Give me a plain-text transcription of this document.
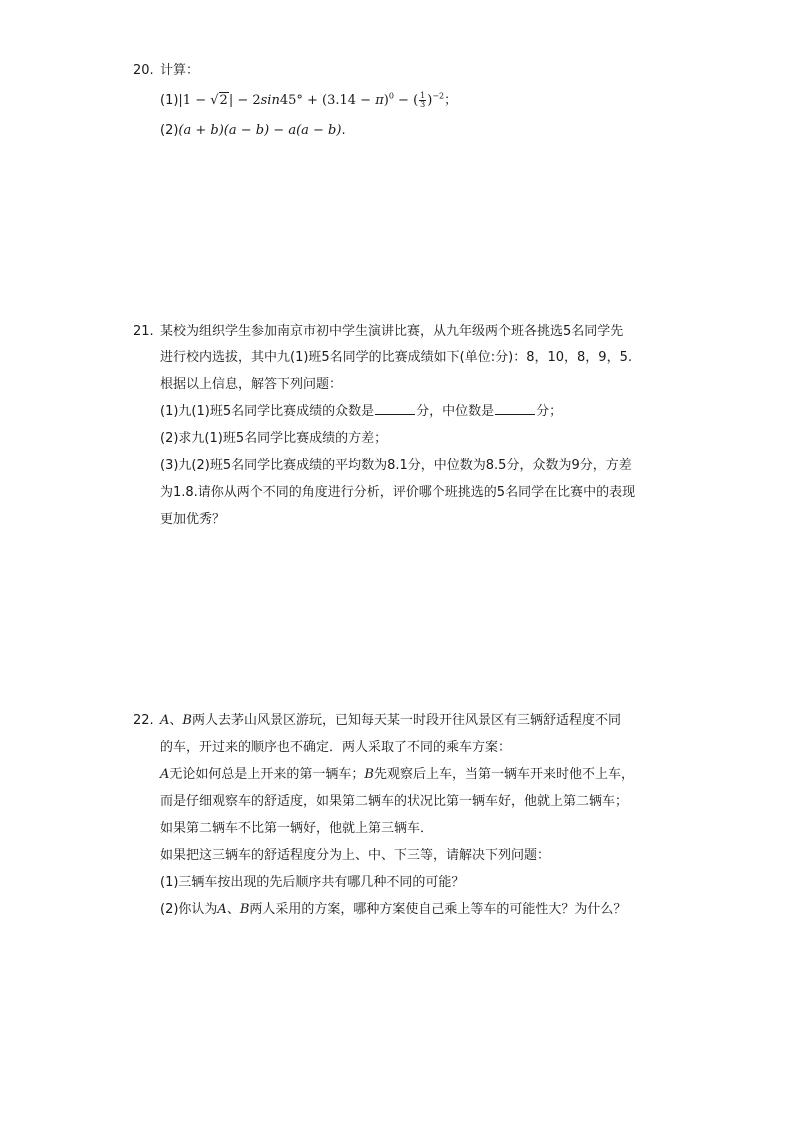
20. 计算：
$(1)|1 - √2| - 2\sin 45^\circ + (3.14 - \pi)^0$ − ( $\frac{1}{3} )^{-2}$；
(2)(a + b)(a − b) − a(a − b).
21. 某校为组织学生参加南京市初中学生演讲比赛，从九年级两个班各挑选5名同学先
进行校内选拔，其中九(1)班5名同学的比赛成绩如下(单位:分)：8，10，8，9，5.
根据以上信息，解答下列问题：
(1)九(1)班5名同学比赛成绩的众数是	分，中位数是	分；
(2)求九(1)班5名同学比赛成绩的方差；
(3)九(2)班5名同学比赛成绩的平均数为8.1分，中位数为8.5分，众数为9分，方差
为1.8.请你从两个不同的角度进行分析，评价哪个班挑选的5名同学在比赛中的表现
更加优秀？
22. A、B两人去茅山风景区游玩，已知每天某一时段开往风景区有三辆舒适程度不同
的车，开过来的顺序也不确定．两人采取了不同的乘车方案：
A无论如何总是上开来的第一辆车；B先观察后上车，当第一辆车开来时他不上车，
而是仔细观察车的舒适度，如果第二辆车的状况比第一辆车好，他就上第二辆车；
如果第二辆车不比第一辆好，他就上第三辆车．
如果把这三辆车的舒适程度分为上、中、下三等，请解决下列问题：
(1)三辆车按出现的先后顺序共有哪几种不同的可能？
(2)你认为A、B两人采用的方案，哪种方案使自己乘上等车的可能性大？为什么？
